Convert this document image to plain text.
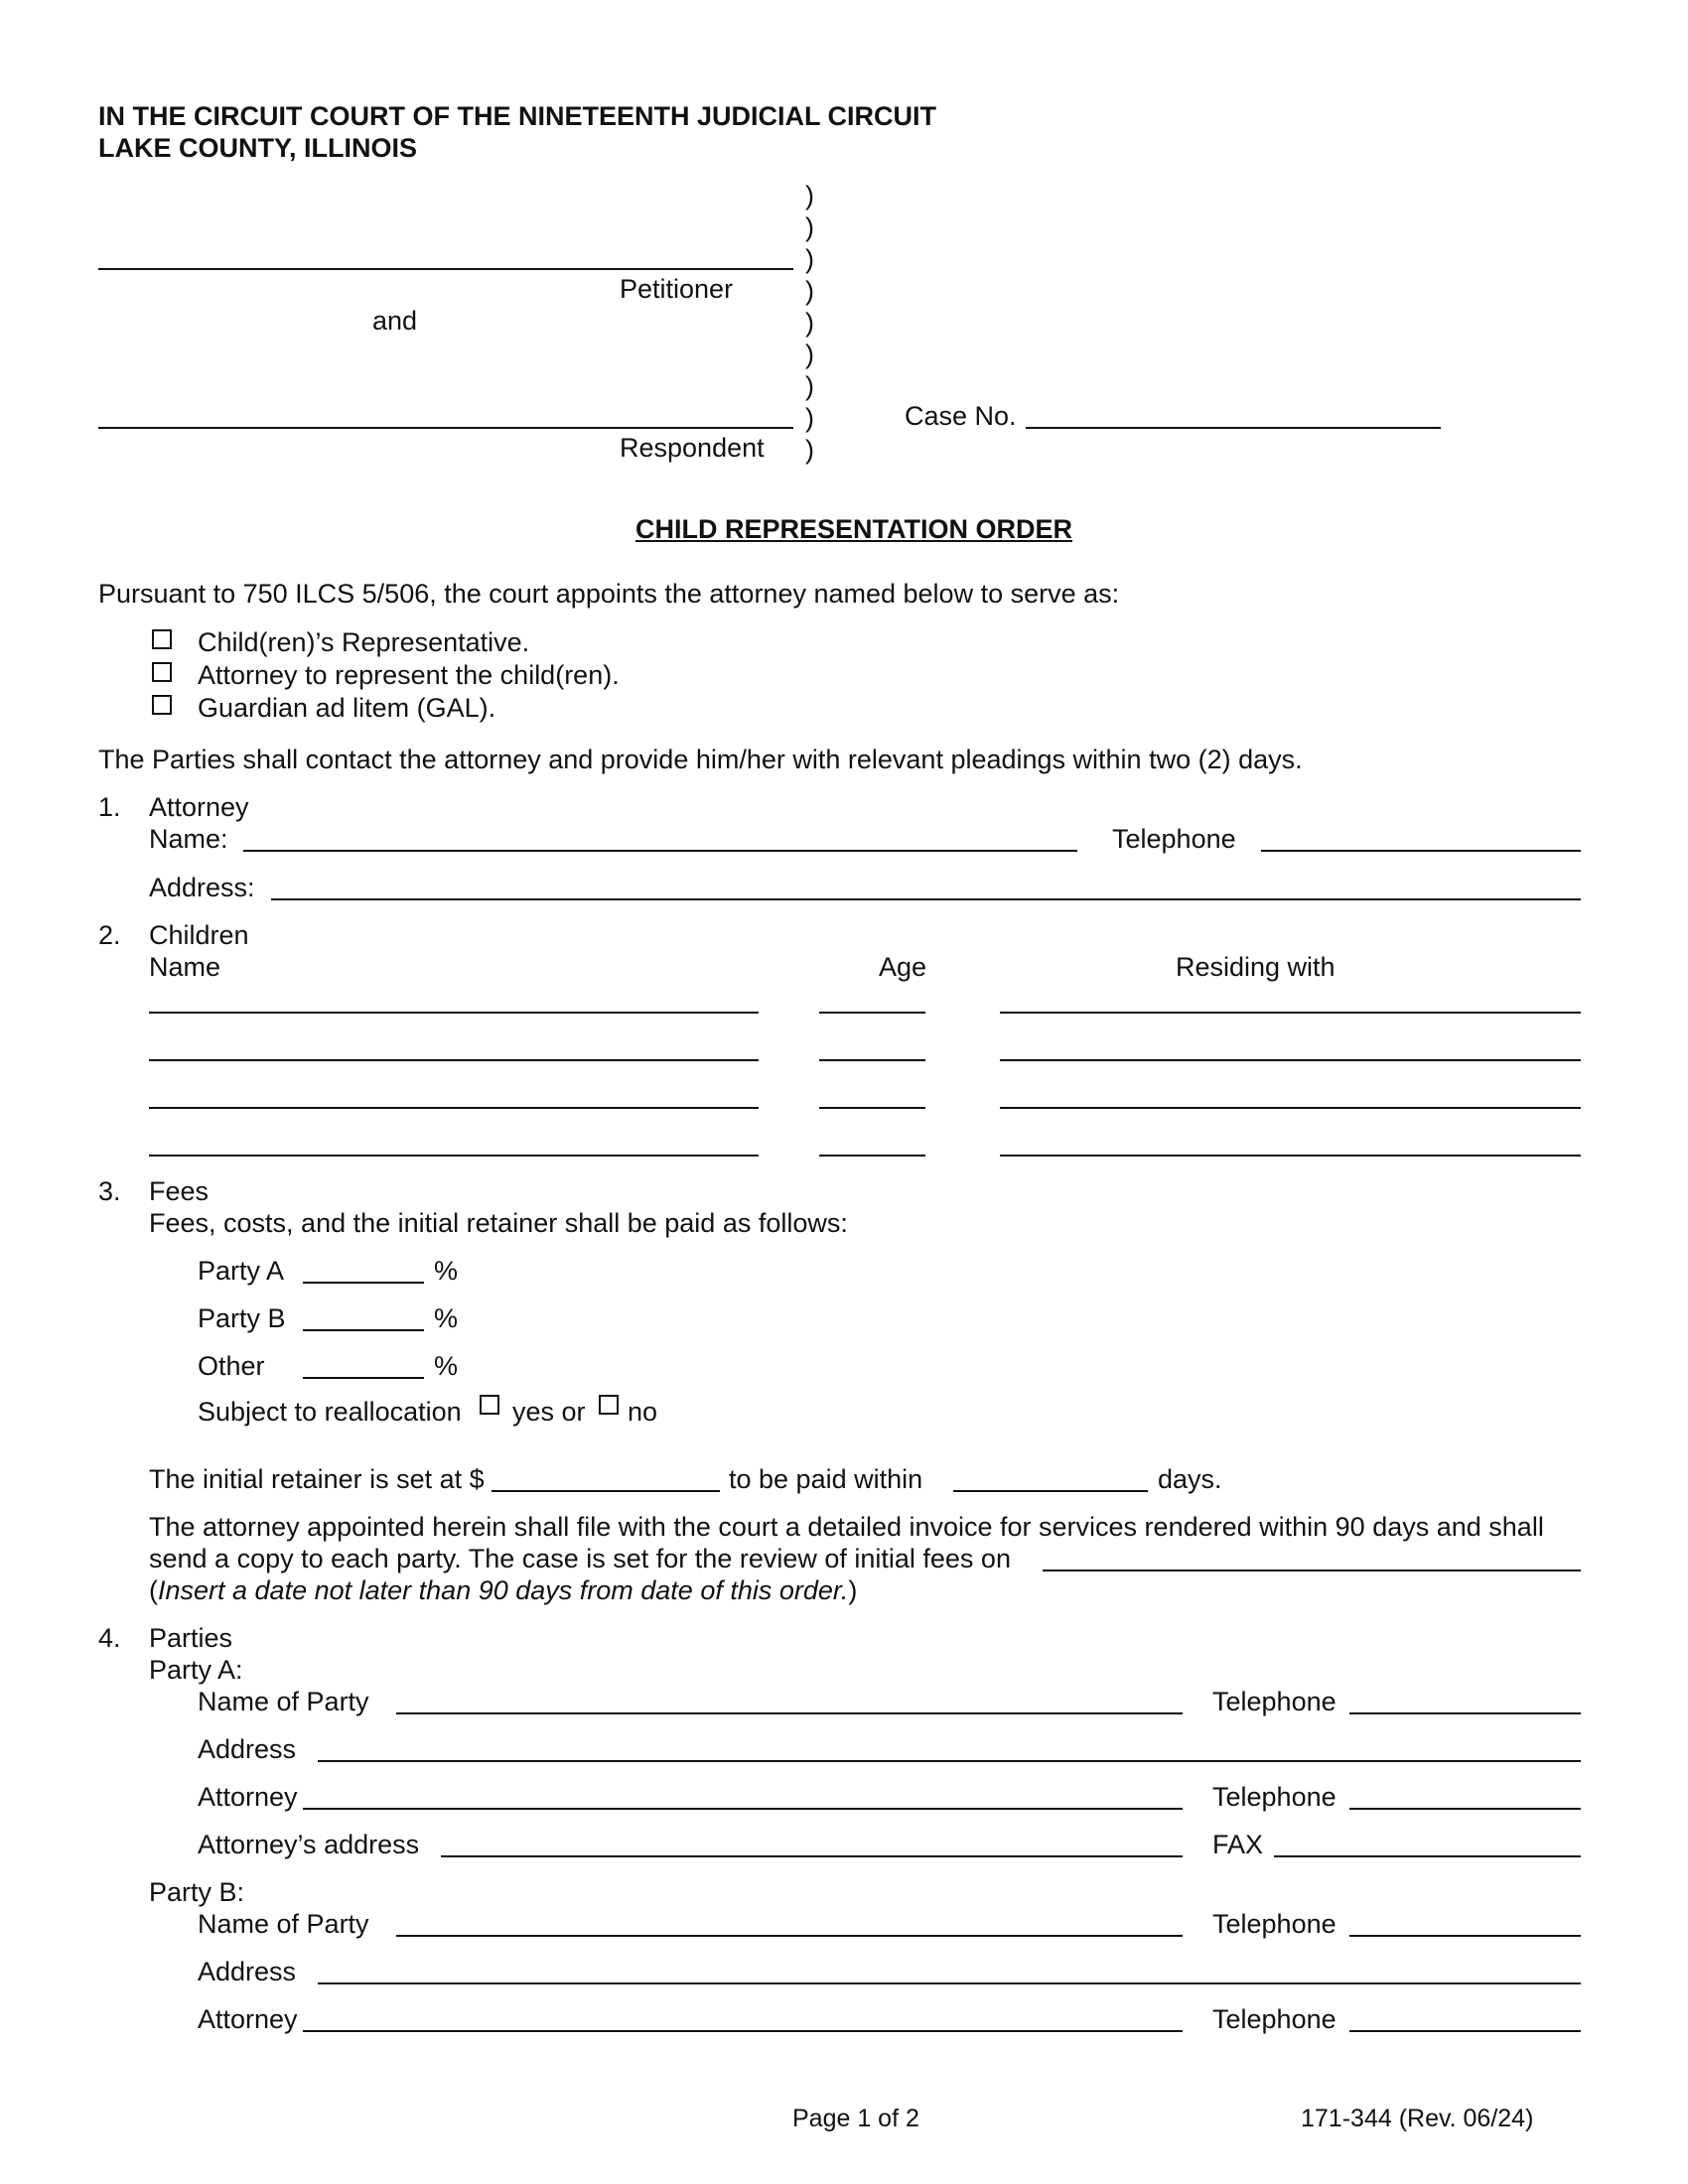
IN THE CIRCUIT COURT OF THE NINETEENTH JUDICIAL CIRCUIT
LAKE COUNTY, ILLINOIS
Petitioner
and
Respondent
)
)
)
)
)
)
)
)
)
Case No.
CHILD REPRESENTATION ORDER
Pursuant to 750 ILCS 5/506, the court appoints the attorney named below to serve as:
Child(ren)’s Representative.
Attorney to represent the child(ren).
Guardian ad litem (GAL).
The Parties shall contact the attorney and provide him/her with relevant pleadings within two (2) days.
1. Attorney
Name:	Telephone
Address:
2. Children
Name	Age	Residing with
3. Fees
Fees, costs, and the initial retainer shall be paid as follows:
Party A	%
Party B	%
Other	%
Subject to reallocation yes or no
The initial retainer is set at $	to be paid within	days.
The attorney appointed herein shall file with the court a detailed invoice for services rendered within 90 days and shall
send a copy to each party. The case is set for the review of initial fees on
(Insert a date not later than 90 days from date of this order.)
4. Parties
Party A:
Name of Party	Telephone
Address
Attorney	Telephone
Attorney’s address	FAX
Party B:
Name of Party	Telephone
Address
Attorney	Telephone
Page 1 of 2	171-344 (Rev. 06/24)
